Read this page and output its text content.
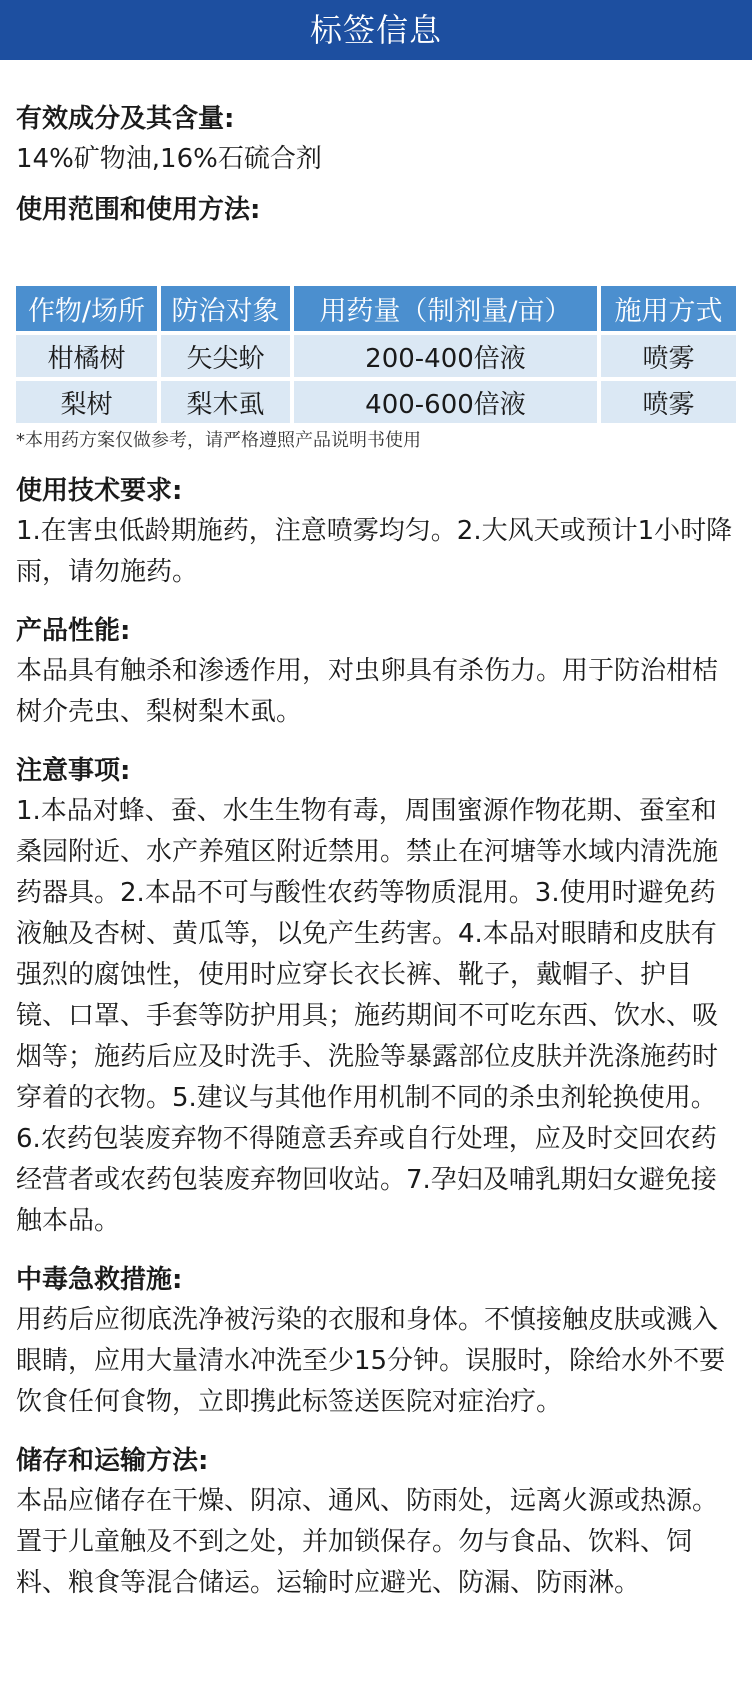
标签信息
有效成分及其含量:
14%矿物油,16%石硫合剂
使用范围和使用方法:
作物/场所	防治对象	用药量（制剂量/亩）	施用方式
柑橘树	矢尖蚧	200-400倍液	喷雾
梨树	梨木虱	400-600倍液	喷雾
*本用药方案仅做参考，请严格遵照产品说明书使用
使用技术要求:
1.在害虫低龄期施药，注意喷雾均匀。2.大风天或预计1小时降雨，请勿施药。
产品性能:
本品具有触杀和渗透作用，对虫卵具有杀伤力。用于防治柑桔树介壳虫、梨树梨木虱。
注意事项:
1.本品对蜂、蚕、水生生物有毒，周围蜜源作物花期、蚕室和桑园附近、水产养殖区附近禁用。禁止在河塘等水域内清洗施药器具。2.本品不可与酸性农药等物质混用。3.使用时避免药液触及杏树、黄瓜等，以免产生药害。4.本品对眼睛和皮肤有强烈的腐蚀性，使用时应穿长衣长裤、靴子，戴帽子、护目镜、口罩、手套等防护用具；施药期间不可吃东西、饮水、吸烟等；施药后应及时洗手、洗脸等暴露部位皮肤并洗涤施药时穿着的衣物。5.建议与其他作用机制不同的杀虫剂轮换使用。6.农药包装废弃物不得随意丢弃或自行处理，应及时交回农药经营者或农药包装废弃物回收站。7.孕妇及哺乳期妇女避免接触本品。
中毒急救措施:
用药后应彻底洗净被污染的衣服和身体。不慎接触皮肤或溅入眼睛，应用大量清水冲洗至少15分钟。误服时，除给水外不要饮食任何食物，立即携此标签送医院对症治疗。
储存和运输方法:
本品应储存在干燥、阴凉、通风、防雨处，远离火源或热源。置于儿童触及不到之处，并加锁保存。勿与食品、饮料、饲料、粮食等混合储运。运输时应避光、防漏、防雨淋。
